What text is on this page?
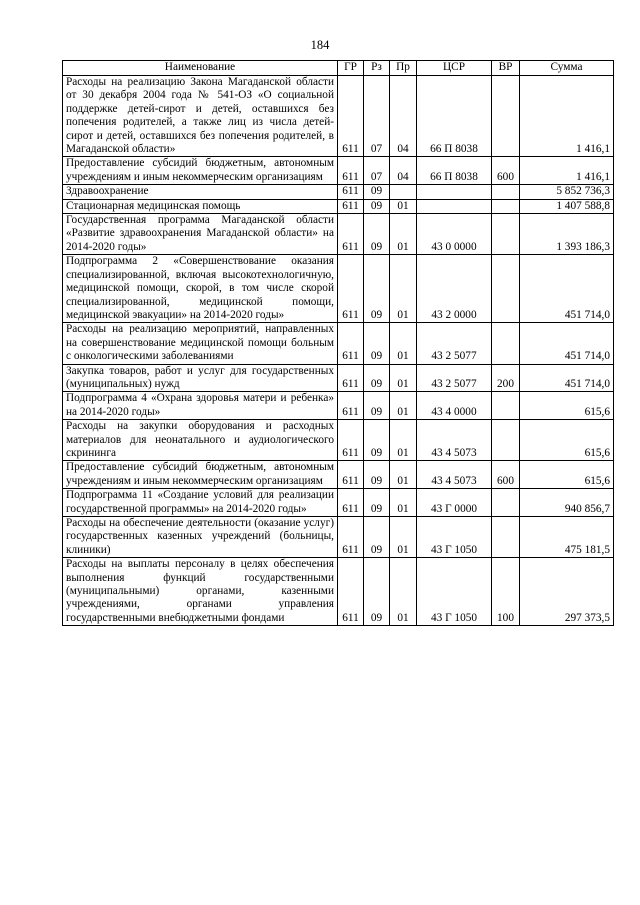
184
Наименование	ГР	Рз	Пр	ЦСР	ВР	Сумма
Расходы на реализацию Закона Магаданской области от 30 декабря 2004 года № 541-ОЗ «О социальной поддержке детей-сирот и детей, оставшихся без попечения родителей, а также лиц из числа детей-сирот и детей, оставшихся без попечения родителей, в Магаданской области»	611	07	04	66 П 8038		1 416,1
Предоставление субсидий бюджетным, автономным учреждениям и иным некоммерческим организациям	611	07	04	66 П 8038	600	1 416,1
Здравоохранение	611	09				5 852 736,3
Стационарная медицинская помощь	611	09	01			1 407 588,8
Государственная программа Магаданской области «Развитие здравоохранения Магаданской области» на 2014-2020 годы»	611	09	01	43 0 0000		1 393 186,3
Подпрограмма 2 «Совершенствование оказания специализированной, включая высокотехнологичную, медицинской помощи, скорой, в том числе скорой специализированной, медицинской помощи, медицинской эвакуации» на 2014-2020 годы»	611	09	01	43 2 0000		451 714,0
Расходы на реализацию мероприятий, направленных на совершенствование медицинской помощи больным с онкологическими заболеваниями	611	09	01	43 2 5077		451 714,0
Закупка товаров, работ и услуг для государственных (муниципальных) нужд	611	09	01	43 2 5077	200	451 714,0
Подпрограмма 4 «Охрана здоровья матери и ребенка» на 2014-2020 годы»	611	09	01	43 4 0000		615,6
Расходы на закупки оборудования и расходных материалов для неонатального и аудиологического скрининга	611	09	01	43 4 5073		615,6
Предоставление субсидий бюджетным, автономным учреждениям и иным некоммерческим организациям	611	09	01	43 4 5073	600	615,6
Подпрограмма 11 «Создание условий для реализации государственной программы» на 2014-2020 годы»	611	09	01	43 Г 0000		940 856,7
Расходы на обеспечение деятельности (оказание услуг) государственных казенных учреждений (больницы, клиники)	611	09	01	43 Г 1050		475 181,5
Расходы на выплаты персоналу в целях обеспечения выполнения функций государственными (муниципальными) органами, казенными учреждениями, органами управления государственными внебюджетными фондами	611	09	01	43 Г 1050	100	297 373,5
